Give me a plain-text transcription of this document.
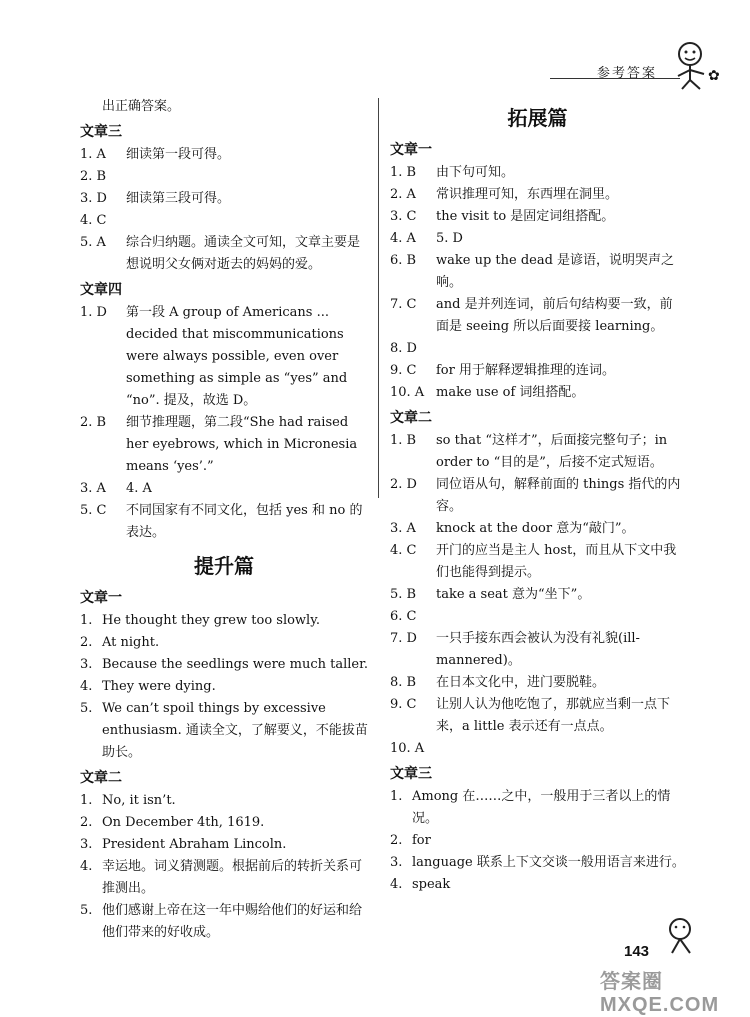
参考答案	✿
出正确答案。
文章三
1. A	细读第一段可得。
2. B
3. D	细读第三段可得。
4. C
5. A	综合归纳题。通读全文可知，文章主要是想说明父女俩对逝去的妈妈的爱。
文章四
1. D	第一段 A group of Americans ... decided that miscommunications were always possible, even over something as simple as “yes” and “no”. 提及，故选 D。
2. B	细节推理题，第二段“She had raised her eyebrows, which in Micronesia means ‘yes’.”
3. A	4. A
5. C	不同国家有不同文化，包括 yes 和 no 的表达。
提升篇
文章一
1. He thought they grew too slowly.
2. At night.
3. Because the seedlings were much taller.
4. They were dying.
5. We can’t spoil things by excessive enthusiasm. 通读全文，了解要义，不能拔苗助长。
文章二
1. No, it isn’t.
2. On December 4th, 1619.
3. President Abraham Lincoln.
4. 幸运地。词义猜测题。根据前后的转折关系可推测出。
5. 他们感谢上帝在这一年中赐给他们的好运和给他们带来的好收成。
拓展篇
文章一
1. B	由下句可知。
2. A	常识推理可知，东西埋在洞里。
3. C	the visit to 是固定词组搭配。
4. A	5. D
6. B	wake up the dead 是谚语，说明哭声之响。
7. C	and 是并列连词，前后句结构要一致，前面是 seeing 所以后面要接 learning。
8. D
9. C	for 用于解释逻辑推理的连词。
10. A make use of 词组搭配。
文章二
1. B	so that “这样才”，后面接完整句子；in order to “目的是”，后接不定式短语。
2. D	同位语从句，解释前面的 things 指代的内容。
3. A	knock at the door 意为“敲门”。
4. C	开门的应当是主人 host，而且从下文中我们也能得到提示。
5. B	take a seat 意为“坐下”。
6. C
7. D	一只手接东西会被认为没有礼貌(ill-mannered)。
8. B	在日本文化中，进门要脱鞋。
9. C	让别人认为他吃饱了，那就应当剩一点下来，a little 表示还有一点点。
10. A
文章三
1. Among 在……之中，一般用于三者以上的情况。
2. for
3. language 联系上下文交谈一般用语言来进行。
4. speak
143
答案圈 MXQE.COM
